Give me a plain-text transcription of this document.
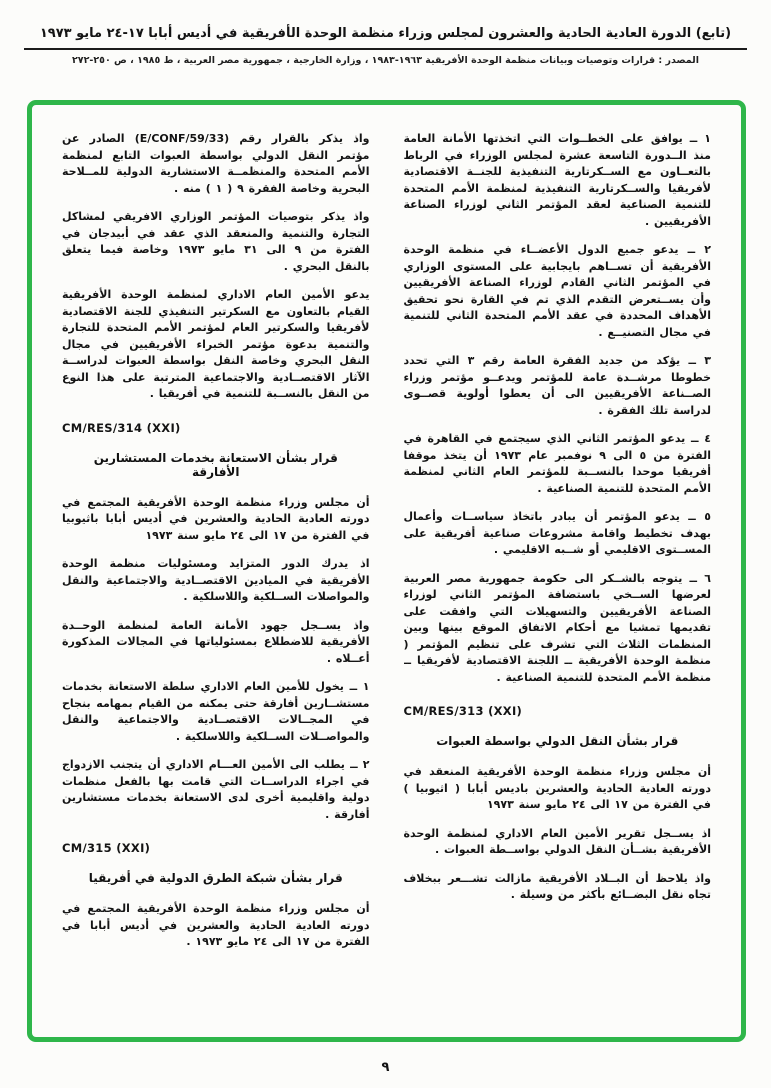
(تابع) الدورة العادية الحادية والعشرون لمجلس وزراء منظمة الوحدة الأفريقية في أديس أبابا ١٧-٢٤ مايو ١٩٧٣
المصدر : قرارات وتوصيات وبيانات منظمة الوحدة الأفريقية ١٩٦٣-١٩٨٣ ، وزارة الخارجية ، جمهورية مصر العربية ، ط ١٩٨٥ ، ص ٢٥٠-٢٧٢

١ ــ يوافق على الخطــوات التي اتخذتها الأمانة العامة منذ الــدورة التاسعة عشرة لمجلس الوزراء في الرباط بالتعــاون مع الســكرتارية التنفيذية للجنــة الاقتصادية لأفريقيا والســكرتارية التنفيذية لمنظمة الأمم المتحدة للتنمية الصناعية لعقد المؤتمر الثاني لوزراء الصناعة الأفريقيين .

٢ ــ يدعو جميع الدول الأعضــاء في منظمة الوحدة الأفريقية أن تســاهم بايجابية على المستوى الوزاري في المؤتمر الثاني القادم لوزراء الصناعة الأفريقيين وأن يســتعرض التقدم الذي تم في القارة نحو تحقيق الأهداف المحددة في عقد الأمم المتحدة الثاني للتنمية في مجال التصنيــع .

٣ ــ يؤكد من جديد الفقرة العامة رقم ٣ التي تحدد خطوطا مرشــدة عامة للمؤتمر ويدعــو مؤتمر وزراء الصــناعة الأفريقيين الى أن يعطوا أولوية قصــوى لدراسة تلك الفقرة .

٤ ــ يدعو المؤتمر الثاني الذي سيجتمع في القاهرة في الفترة من ٥ الى ٩ نوفمبر عام ١٩٧٣ أن يتخذ موقفا أفريقيا موحدا بالنســبة للمؤتمر العام الثاني لمنظمة الأمم المتحدة للتنمية الصناعية .

٥ ــ يدعو المؤتمر أن يبادر باتخاذ سياســات وأعمال بهدف تخطيط واقامة مشروعات صناعية أفريقية على المســتوى الاقليمي أو شــبه الاقليمي .

٦ ــ يتوجه بالشــكر الى حكومة جمهورية مصر العربية لعرضها الســخي باستضافة المؤتمر الثاني لوزراء الصناعة الأفريقيين والتسهيلات التي وافقت على تقديمها تمشيا مع أحكام الاتفاق الموقع بينها وبين المنظمات الثلاث التي تشرف على تنظيم المؤتمر ( منظمة الوحدة الأفريقية ــ اللجنة الاقتصادية لأفريقيا ــ منظمة الأمم المتحدة للتنمية الصناعية .

CM/RES/313 (XXI)
قرار بشأن النقل الدولي بواسطة العبوات

أن مجلس وزراء منظمة الوحدة الأفريقية المنعقد في دورته العادية الحادية والعشرين باديس أبابا ( اثيوبيا ) في الفترة من ١٧ الى ٢٤ مايو سنة ١٩٧٣

اذ يســجل تقرير الأمين العام الاداري لمنظمة الوحدة الأفريقية بشــأن النقل الدولي بواســطة العبوات .

واذ يلاحظ أن البــلاد الأفريقية مازالت تشـــعر ببخلاف تجاه نقل البضــائع بأكثر من وسيلة .

واذ يذكر بالقرار رقم (E/CONF/59/33) الصادر عن مؤتمر النقل الدولي بواسطة العبوات التابع لمنظمة الأمم المتحدة والمنظمــة الاستشارية الدولية للمــلاحة البحرية وخاصة الفقرة ٩ ( ١ ) منه .

واذ يذكر بتوصيات المؤتمر الوزاري الافريقي لمشاكل التجارة والتنمية والمنعقد الذي عقد في أبيدجان في الفترة من ٩ الى ٣١ مايو ١٩٧٣ وخاصة فيما يتعلق بالنقل البحري .

يدعو الأمين العام الاداري لمنظمة الوحدة الأفريقية القيام بالتعاون مع السكرتير التنفيذي للجنة الاقتصادية لأفريقيا والسكرتير العام لمؤتمر الأمم المتحدة للتجارة والتنمية بدعوة مؤتمر الخبراء الأفريقيين في مجال النقل البحري وخاصة النقل بواسطة العبوات لدراســة الآثار الاقتصــادية والاجتماعية المترتبة على هذا النوع من النقل بالنســبة للتنمية في أفريقيا .

CM/RES/314 (XXI)
قرار بشأن الاستعانة بخدمات المستشارين الأفارقة

أن مجلس وزراء منظمة الوحدة الأفريقية المجتمع في دورته العادية الحادية والعشرين في أديس أبابا باثيوبيا في الفترة من ١٧ الى ٢٤ مايو سنة ١٩٧٣

اذ يدرك الدور المتزايد ومسئوليات منظمة الوحدة الأفريقية في الميادين الاقتصــادية والاجتماعية والنقل والمواصلات الســلكية واللاسلكية .

واذ يســجل جهود الأمانة العامة لمنظمة الوحــدة الأفريقية للاضطلاع بمسئولياتها في المجالات المذكورة أعــلاه .

١ ــ يخول للأمين العام الاداري سلطة الاستعانة بخدمات مستشــارين أفارقة حتى يمكنه من القيام بمهامه بنجاح في المجــالات الاقتصــادية والاجتماعية والنقل والمواصــلات الســلكية واللاسلكية .

٢ ــ يطلب الى الأمين العـــام الاداري أن يتجنب الازدواج في اجراء الدراســات التي قامت بها بالفعل منظمات دولية واقليمية أخرى لدى الاستعانة بخدمات مستشارين أفارقة .

CM/315 (XXI)
قرار بشأن شبكة الطرق الدولية في أفريقيا

أن مجلس وزراء منظمة الوحدة الأفريقية المجتمع في دورته العادية الحادية والعشرين في أديس أبابا في الفترة من ١٧ الى ٢٤ مايو ١٩٧٣ .

٩
